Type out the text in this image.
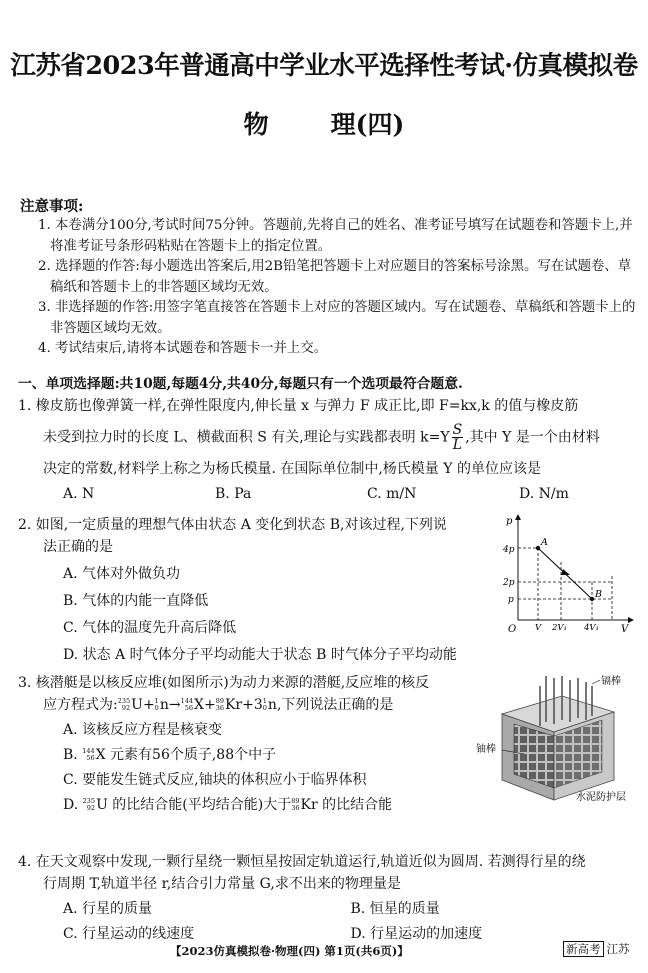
江苏省2023年普通高中学业水平选择性考试·仿真模拟卷
物 理(四)
注意事项:
1. 本卷满分100分,考试时间75分钟。答题前,先将自己的姓名、准考证号填写在试题卷和答题卡上,并将准考证号条形码粘贴在答题卡上的指定位置。
2. 选择题的作答:每小题选出答案后,用2B铅笔把答题卡上对应题目的答案标号涂黑。写在试题卷、草稿纸和答题卡上的非答题区域均无效。
3. 非选择题的作答:用签字笔直接答在答题卡上对应的答题区域内。写在试题卷、草稿纸和答题卡上的非答题区域均无效。
4. 考试结束后,请将本试题卷和答题卡一并上交。
一、单项选择题:共10题,每题4分,共40分,每题只有一个选项最符合题意.
1. 橡皮筋也像弹簧一样,在弹性限度内,伸长量 x 与弹力 F 成正比,即 F=kx,k 的值与橡皮筋
未受到拉力时的长度 L、横截面积 S 有关,理论与实践都表明 $k=Y \frac{S}{L}$ ,其中 Y 是一个由材料
决定的常数,材料学上称之为杨氏模量. 在国际单位制中,杨氏模量 Y 的单位应该是
A. N	B. Pa	C. m/N	D. N/m
2. 如图,一定质量的理想气体由状态 A 变化到状态 B,对该过程,下列说
法正确的是
A. 气体对外做负功
B. 气体的内能一直降低
C. 气体的温度先升高后降低
D. 状态 A 时气体分子平均动能大于状态 B 时气体分子平均动能
p
V
O
A
B
4p
2p
p
V 2V₁ 4V₁
3. 核潜艇是以核反应堆(如图所示)为动力来源的潜艇,反应堆的核反
应方程式为: 235
92 U+ 1
0 n→ 144
56 X+ 89
36 Kr+3 1
0 n,下列说法正确的是
A. 该核反应方程是核衰变
B. 144
56 X 元素有56个质子,88个中子
C. 要能发生链式反应,铀块的体积应小于临界体积
D. 235
92 U 的比结合能(平均结合能)大于 89
36 Kr 的比结合能
镉棒
铀棒
水泥防护层
4. 在天文观察中发现,一颗行星绕一颗恒星按固定轨道运行,轨道近似为圆周. 若测得行星的绕
行周期 T,轨道半径 r,结合引力常量 G,求不出来的物理量是
A. 行星的质量	B. 恒星的质量
C. 行星运动的线速度	D. 行星运动的加速度
【2023仿真模拟卷·物理(四) 第1页(共6页)】	新高考 江苏
